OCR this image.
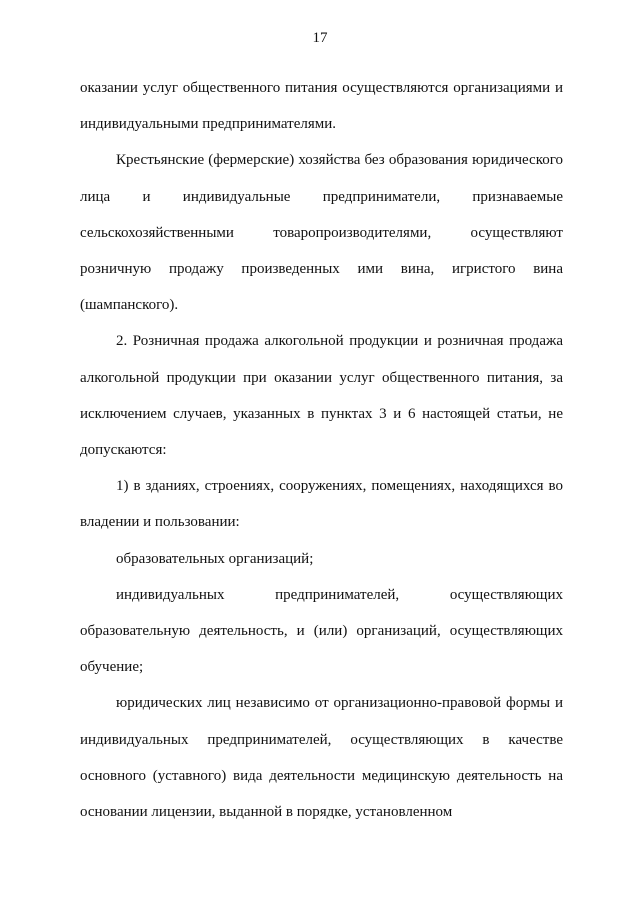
17

оказании услуг общественного питания осуществляются организациями и индивидуальными предпринимателями.

Крестьянские (фермерские) хозяйства без образования юридического лица и индивидуальные предприниматели, признаваемые сельскохозяйственными товаропроизводителями, осуществляют розничную продажу произведенных ими вина, игристого вина (шампанского).

2. Розничная продажа алкогольной продукции и розничная продажа алкогольной продукции при оказании услуг общественного питания, за исключением случаев, указанных в пунктах 3 и 6 настоящей статьи, не допускаются:

1) в зданиях, строениях, сооружениях, помещениях, находящихся во владении и пользовании:

образовательных организаций;

индивидуальных предпринимателей, осуществляющих образовательную деятельность, и (или) организаций, осуществляющих обучение;

юридических лиц независимо от организационно-правовой формы и индивидуальных предпринимателей, осуществляющих в качестве основного (уставного) вида деятельности медицинскую деятельность на основании лицензии, выданной в порядке, установленном
